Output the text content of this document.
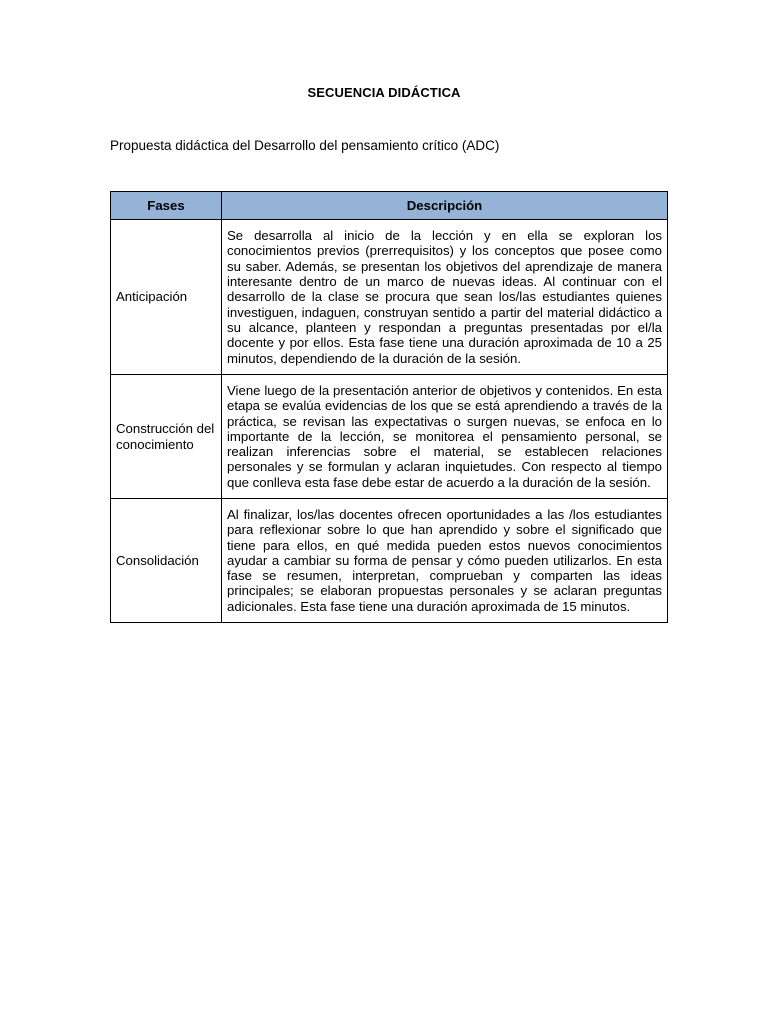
SECUENCIA DIDÁCTICA
Propuesta didáctica del Desarrollo del pensamiento crítico (ADC)
Fases	Descripción
Anticipación	Se desarrolla al inicio de la lección y en ella se exploran los conocimientos previos (prerrequisitos) y los conceptos que posee como su saber. Además, se presentan los objetivos del aprendizaje de manera interesante dentro de un marco de nuevas ideas. Al continuar con el desarrollo de la clase se procura que sean los/las estudiantes quienes investiguen, indaguen, construyan sentido a partir del material didáctico a su alcance, planteen y respondan a preguntas presentadas por el/la docente y por ellos. Esta fase tiene una duración aproximada de 10 a 25 minutos, dependiendo de la duración de la sesión.
Construcción del conocimiento	Viene luego de la presentación anterior de objetivos y contenidos. En esta etapa se evalúa evidencias de los que se está aprendiendo a través de la práctica, se revisan las expectativas o surgen nuevas, se enfoca en lo importante de la lección, se monitorea el pensamiento personal, se realizan inferencias sobre el material, se establecen relaciones personales y se formulan y aclaran inquietudes. Con respecto al tiempo que conlleva esta fase debe estar de acuerdo a la duración de la sesión.
Consolidación	Al finalizar, los/las docentes ofrecen oportunidades a las /los estudiantes para reflexionar sobre lo que han aprendido y sobre el significado que tiene para ellos, en qué medida pueden estos nuevos conocimientos ayudar a cambiar su forma de pensar y cómo pueden utilizarlos. En esta fase se resumen, interpretan, comprueban y comparten las ideas principales; se elaboran propuestas personales y se aclaran preguntas adicionales. Esta fase tiene una duración aproximada de 15 minutos.
